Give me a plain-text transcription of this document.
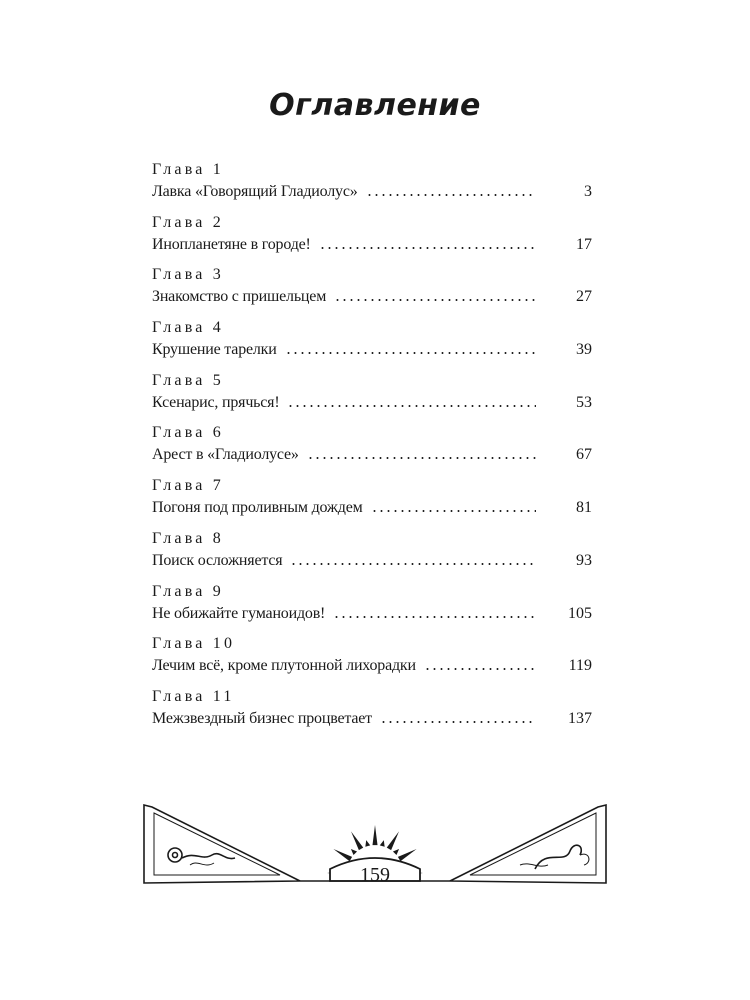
Оглавление
Глава 1
Лавка «Говорящий Гладиолус»	3
Глава 2
Инопланетяне в городе!	17
Глава 3
Знакомство с пришельцем	27
Глава 4
Крушение тарелки	39
Глава 5
Ксенарис, прячься!	53
Глава 6
Арест в «Гладиолусе»	67
Глава 7
Погоня под проливным дождем	81
Глава 8
Поиск осложняется	93
Глава 9
Не обижайте гуманоидов!	105
Глава 10
Лечим всё, кроме плутонной лихорадки	119
Глава 11
Межзвездный бизнес процветает	137
159
